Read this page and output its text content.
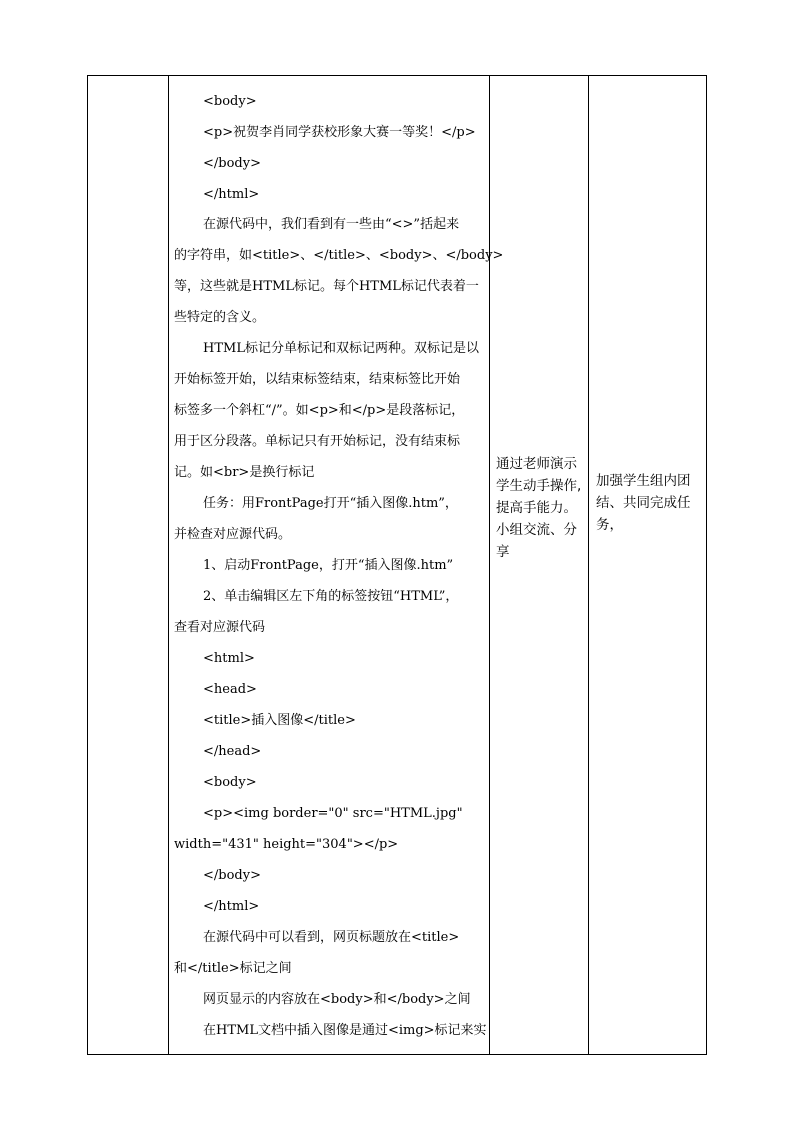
<body>
<p>祝贺李肖同学获校形象大赛一等奖！</p>
</body>
</html>
在源代码中，我们看到有一些由“<>”括起来
的字符串，如<title>、</title>、<body>、</body>
等，这些就是HTML标记。每个HTML标记代表着一
些特定的含义。
HTML标记分单标记和双标记两种。双标记是以
开始标签开始，以结束标签结束，结束标签比开始
标签多一个斜杠“/”。如<p>和</p>是段落标记，
用于区分段落。单标记只有开始标记，没有结束标
记。如<br>是换行标记
任务：用FrontPage打开“插入图像.htm”，
并检查对应源代码。
1、启动FrontPage，打开“插入图像.htm”
2、单击编辑区左下角的标签按钮“HTML”，
查看对应源代码
<html>
<head>
<title>插入图像</title>
</head>
<body>
<p><img border="0" src="HTML.jpg"
width="431" height="304"></p>
</body>
</html>
在源代码中可以看到，网页标题放在<title>
和</title>标记之间
网页显示的内容放在<body>和</body>之间
在HTML文档中插入图像是通过<img>标记来实
通过老师演示
学生动手操作,
提高手能力。
小组交流、分
享
加强学生组内团
结、共同完成任
务，
